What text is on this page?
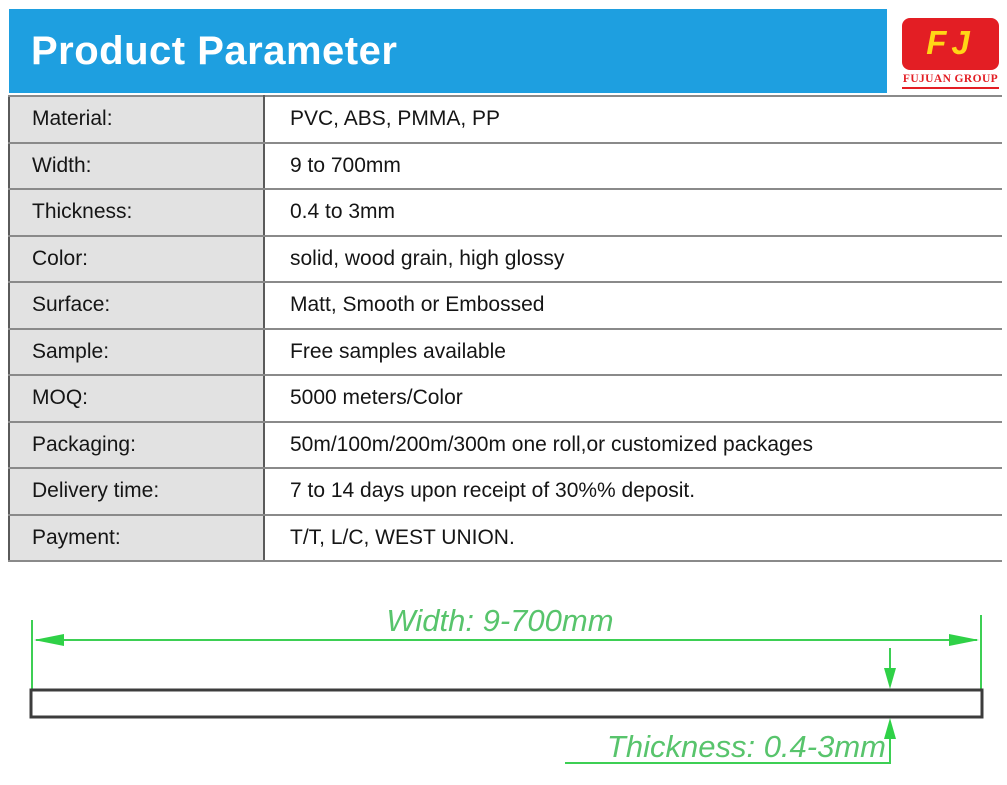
Product Parameter	FJ
FUJUAN GROUP
Material:	PVC, ABS, PMMA, PP
Width:	9 to 700mm
Thickness:	0.4 to 3mm
Color:	solid, wood grain, high glossy
Surface:	Matt, Smooth or Embossed
Sample:	Free samples available
MOQ:	5000 meters/Color
Packaging:	50m/100m/200m/300m one roll,or customized packages
Delivery time:	7 to 14 days upon receipt of 30%% deposit.
Payment:	T/T, L/C, WEST UNION.
Width: 9-700mm
Thickness: 0.4-3mm
